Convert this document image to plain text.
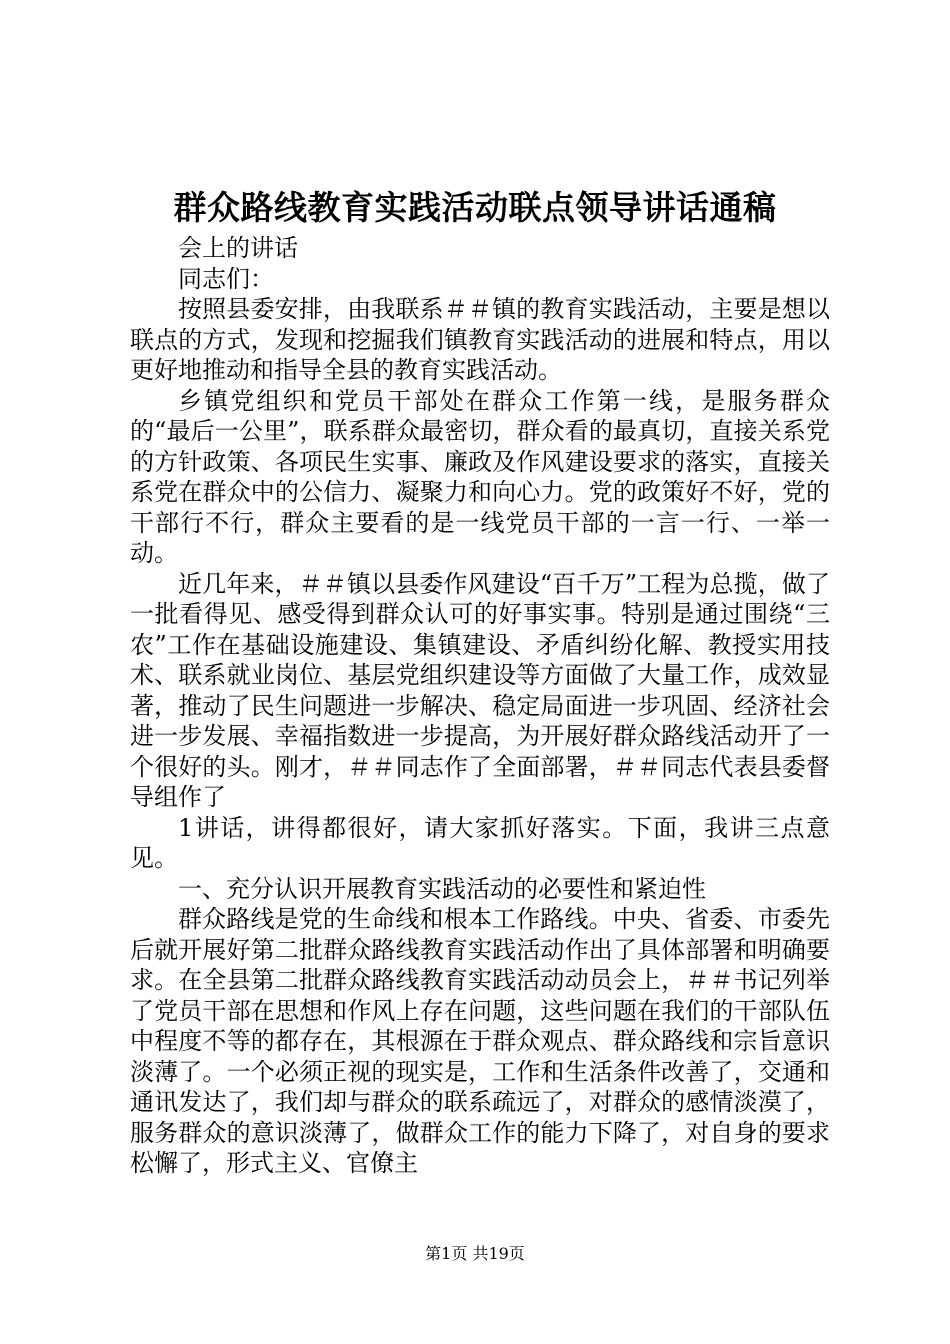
群众路线教育实践活动联点领导讲话通稿

会上的讲话

同志们：

按照县委安排，由我联系＃＃镇的教育实践活动，主要是想以联点的方式，发现和挖掘我们镇教育实践活动的进展和特点，用以更好地推动和指导全县的教育实践活动。

乡镇党组织和党员干部处在群众工作第一线，是服务群众的“最后一公里”，联系群众最密切，群众看的最真切，直接关系党的方针政策、各项民生实事、廉政及作风建设要求的落实，直接关系党在群众中的公信力、凝聚力和向心力。党的政策好不好，党的干部行不行，群众主要看的是一线党员干部的一言一行、一举一动。

近几年来，＃＃镇以县委作风建设“百千万”工程为总揽，做了一批看得见、感受得到群众认可的好事实事。特别是通过围绕“三农”工作在基础设施建设、集镇建设、矛盾纠纷化解、教授实用技术、联系就业岗位、基层党组织建设等方面做了大量工作，成效显著，推动了民生问题进一步解决、稳定局面进一步巩固、经济社会进一步发展、幸福指数进一步提高，为开展好群众路线活动开了一个很好的头。刚才，＃＃同志作了全面部署，＃＃同志代表县委督导组作了

1讲话，讲得都很好，请大家抓好落实。下面，我讲三点意见。

一、充分认识开展教育实践活动的必要性和紧迫性

群众路线是党的生命线和根本工作路线。中央、省委、市委先后就开展好第二批群众路线教育实践活动作出了具体部署和明确要求。在全县第二批群众路线教育实践活动动员会上，＃＃书记列举了党员干部在思想和作风上存在问题，这些问题在我们的干部队伍中程度不等的都存在，其根源在于群众观点、群众路线和宗旨意识淡薄了。一个必须正视的现实是，工作和生活条件改善了，交通和通讯发达了，我们却与群众的联系疏远了，对群众的感情淡漠了，服务群众的意识淡薄了，做群众工作的能力下降了，对自身的要求松懈了，形式主义、官僚主

第1页 共19页
